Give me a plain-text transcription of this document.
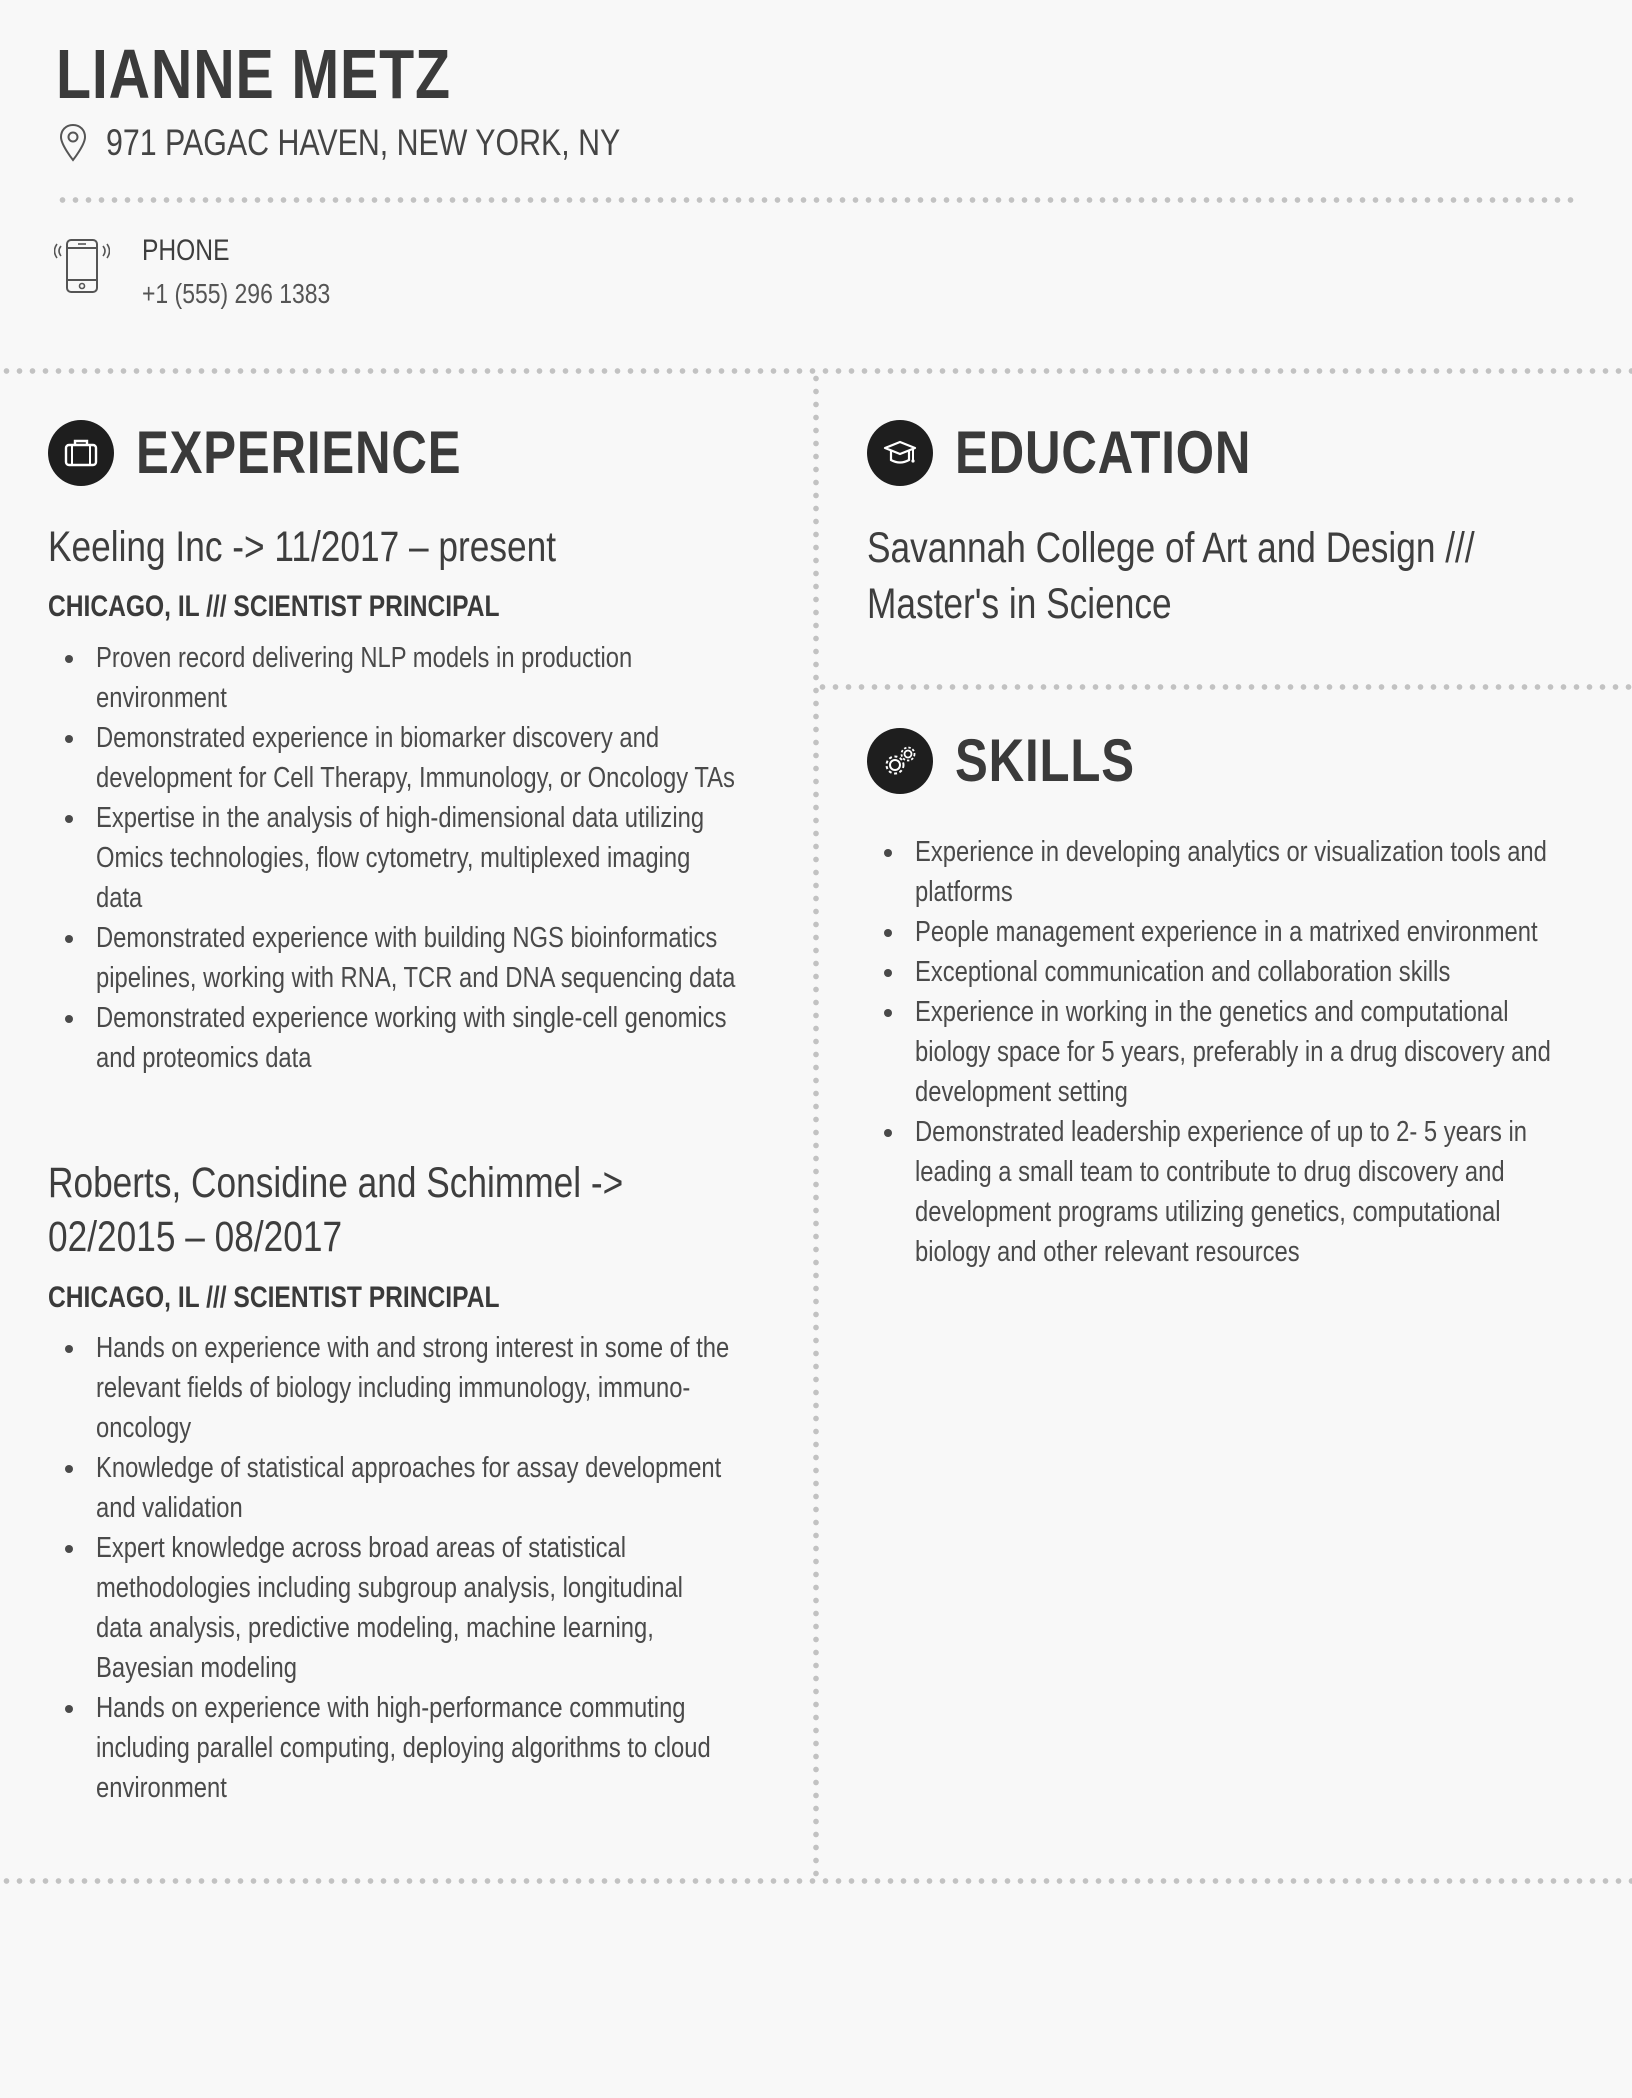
LIANNE METZ
971 PAGAC HAVEN, NEW YORK, NY
PHONE
+1 (555) 296 1383
EXPERIENCE
Keeling Inc -> 11/2017 – present
CHICAGO, IL /// SCIENTIST PRINCIPAL
Proven record delivering NLP models in production
environment
Demonstrated experience in biomarker discovery and
development for Cell Therapy, Immunology, or Oncology TAs
Expertise in the analysis of high-dimensional data utilizing
Omics technologies, flow cytometry, multiplexed imaging
data
Demonstrated experience with building NGS bioinformatics
pipelines, working with RNA, TCR and DNA sequencing data
Demonstrated experience working with single-cell genomics
and proteomics data
Roberts, Considine and Schimmel ->
02/2015 – 08/2017
CHICAGO, IL /// SCIENTIST PRINCIPAL
Hands on experience with and strong interest in some of the
relevant fields of biology including immunology, immuno-
oncology
Knowledge of statistical approaches for assay development
and validation
Expert knowledge across broad areas of statistical
methodologies including subgroup analysis, longitudinal
data analysis, predictive modeling, machine learning,
Bayesian modeling
Hands on experience with high-performance commuting
including parallel computing, deploying algorithms to cloud
environment
EDUCATION
Savannah College of Art and Design ///
Master's in Science
SKILLS
Experience in developing analytics or visualization tools and
platforms
People management experience in a matrixed environment
Exceptional communication and collaboration skills
Experience in working in the genetics and computational
biology space for 5 years, preferably in a drug discovery and
development setting
Demonstrated leadership experience of up to 2- 5 years in
leading a small team to contribute to drug discovery and
development programs utilizing genetics, computational
biology and other relevant resources
